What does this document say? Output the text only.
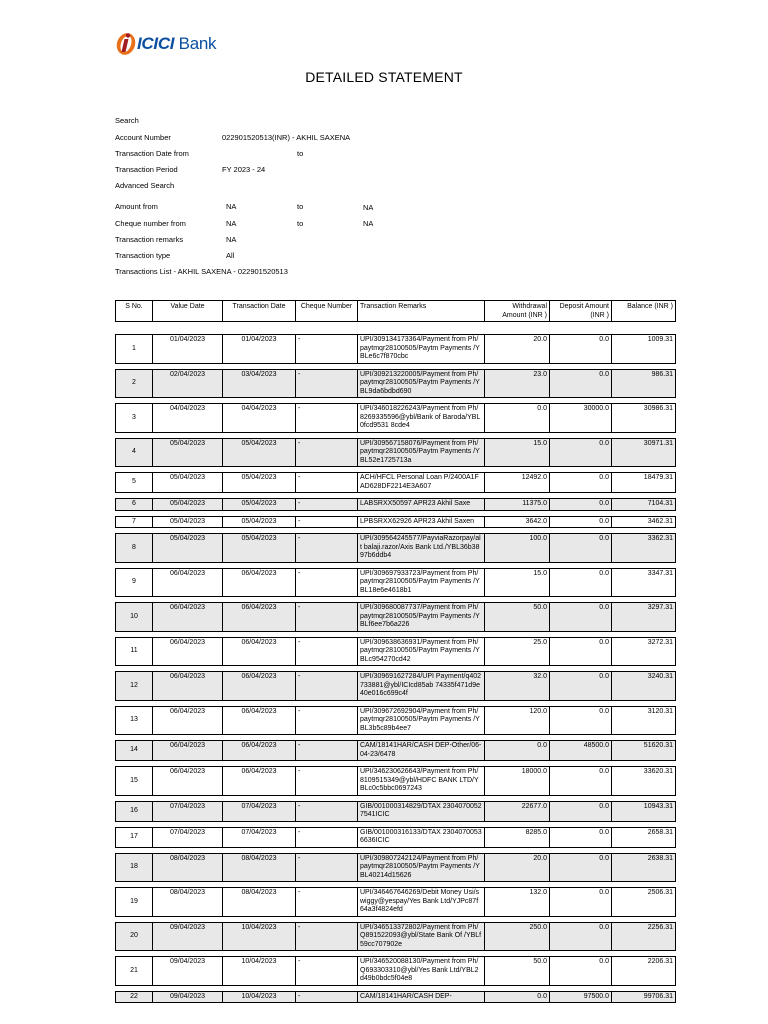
ICICI Bank
DETAILED STATEMENT
Search
Account Number	022901520513(INR) - AKHIL SAXENA
Transaction Date from	to
Transaction Period	FY 2023 - 24
Advanced Search
Amount from	NA	to	NA
Cheque number from	NA	to	NA
Transaction remarks	NA
Transaction type	All
Transactions List - AKHIL SAXENA - 022901520513
S No.	Value Date	Transaction Date	Cheque Number	Transaction Remarks	Withdrawal Amount (INR )	Deposit Amount (INR )	Balance (INR )

1	01/04/2023	01/04/2023	-	UPI/309134173364/Payment from Ph/paytmqr28100505/Paytm Payments /YBLe6c7f870cbc	20.0	0.0	1009.31

2	02/04/2023	03/04/2023	-	UPI/309213220005/Payment from Ph/paytmqr28100505/Paytm Payments /YBL9da6bdbd690	23.0	0.0	986.31

3	04/04/2023	04/04/2023	-	UPI/346018226243/Payment from Ph/8269335596@ybl/Bank of Baroda/YBL0fcd9531 8cde4	0.0	30000.0	30986.31

4	05/04/2023	05/04/2023	-	UPI/309567158076/Payment from Ph/paytmqr28100505/Paytm Payments /YBL52e1725713a	15.0	0.0	30971.31

5	05/04/2023	05/04/2023	-	ACH/HFCL Personal Loan P/2400A1FAD628DF2214E3A607	12492.0	0.0	18479.31

6	05/04/2023	05/04/2023	-	LABSRXX50597 APR23 Akhil Saxe	11375.0	0.0	7104.31

7	05/04/2023	05/04/2023	-	LPBSRXX62926 APR23 Akhil Saxen	3642.0	0.0	3462.31

8	05/04/2023	05/04/2023	-	UPI/309564245577/PayviaRazorpay/alt balaji.razor/Axis Bank Ltd./YBL36b3897b6ddb4	100.0	0.0	3362.31

9	06/04/2023	06/04/2023	-	UPI/309697933723/Payment from Ph/paytmqr28100505/Paytm Payments /YBL18e6e4618b1	15.0	0.0	3347.31

10	06/04/2023	06/04/2023	-	UPI/309680087737/Payment from Ph/paytmqr28100505/Paytm Payments /YBLf6ee7b6a226	50.0	0.0	3297.31

11	06/04/2023	06/04/2023	-	UPI/309638636931/Payment from Ph/paytmqr28100505/Paytm Payments /YBLc954270cd42	25.0	0.0	3272.31

12	06/04/2023	06/04/2023	-	UPI/309691627284/UPI Payment/q402733881@ybl/ICIcd85ab 74335f471d9e40e016c699c4f	32.0	0.0	3240.31

13	06/04/2023	06/04/2023	-	UPI/309672692904/Payment from Ph/paytmqr28100505/Paytm Payments /YBL3b5c89b4ee7	120.0	0.0	3120.31

14	06/04/2023	06/04/2023	-	CAM/18141HAR/CASH DEP-Other/06-04-23/6478	0.0	48500.0	51620.31

15	06/04/2023	06/04/2023	-	UPI/346230626643/Payment from Ph/8109515349@ybl/HDFC BANK LTD/YBLc0c5bbc0697243	18000.0	0.0	33620.31

16	07/04/2023	07/04/2023	-	GIB/001000314829/DTAX 23040700527541ICIC	22677.0	0.0	10943.31

17	07/04/2023	07/04/2023	-	GIB/001000316133/DTAX 23040700536636ICIC	8285.0	0.0	2658.31

18	08/04/2023	08/04/2023	-	UPI/309807242124/Payment from Ph/paytmqr28100505/Paytm Payments /YBL40214d15626	20.0	0.0	2638.31

19	08/04/2023	08/04/2023	-	UPI/346467646269/Debit Money Usi/swiggy@yespay/Yes Bank Ltd/YJPc87f64a3f4824efd	132.0	0.0	2506.31

20	09/04/2023	10/04/2023	-	UPI/346513372802/Payment from Ph/Q891522093@ybl/State Bank Of /YBLf59cc707902e	250.0	0.0	2256.31

21	09/04/2023	10/04/2023	-	UPI/346520088130/Payment from Ph/Q693303310@ybl/Yes Bank Ltd/YBL2d49b0bdc5f04e8	50.0	0.0	2206.31

22	09/04/2023	10/04/2023	-	CAM/18141HAR/CASH DEP-	0.0	97500.0	99706.31
